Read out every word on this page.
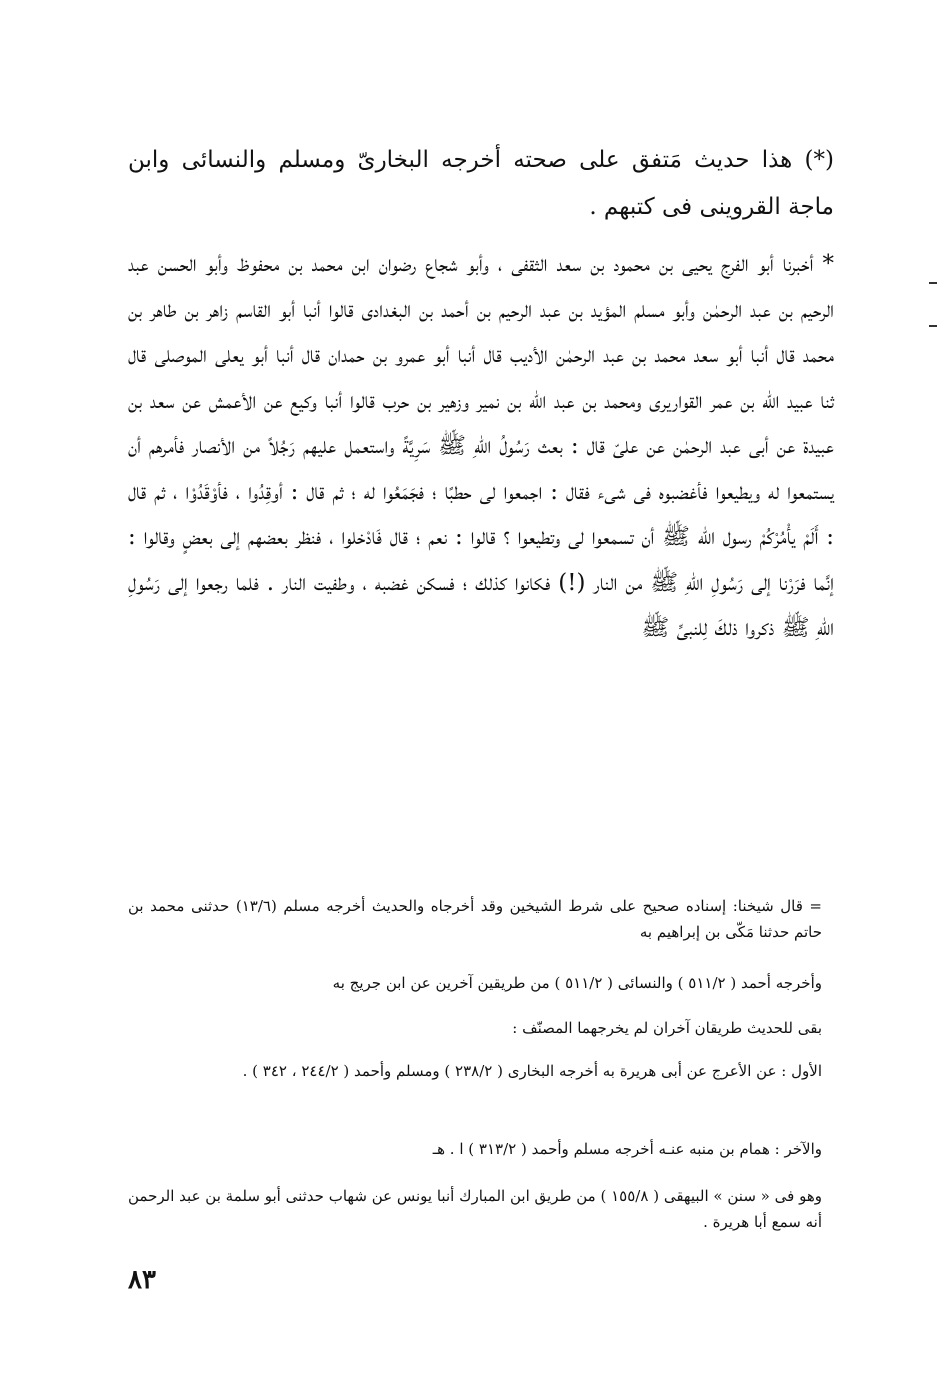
(*) هذا حديث مَتفق على صحته أخرجه البخارىّ ومسلم والنسائى وابن ماجة القروينى فى كتبهم .

* أخبرنا أبو الفرج يحيى بن محمود بن سعد الثقفى ، وأبو شجاع رضوان ابن محمد بن محفوظ وأبو الحسن عبد الرحيم بن عبد الرحمٰن وأبو مسلم المؤيد بن عبد الرحيم بن أحمد بن البغدادى قالوا أنبا أبو القاسم زاهر بن طاهر بن محمد قال أنبا أبو سعد محمد بن عبد الرحمٰن الأديب قال أنبا أبو عمرو بن حمدان قال أنبا أبو يعلى الموصلى قال ثنا عبيد الله بن عمر القواريرى ومحمد بن عبد الله بن نمير وزهير بن حرب قالوا أنبا وكيع عن الأعمش عن سعد بن عبيدة عن أبى عبد الرحمٰن عن علىّ قال : بعث رَسُولُ اللهِ ﷺ سَرِيَّةً واستعمل عليهم رَجُلاً من الأنصار فأمرهم أن يستمعوا له ويطيعوا فأغضبوه فى شىء فقال : اجمعوا لى حطبًا ؛ فجَمَعُوا له ؛ ثم قال : أوقِدُوا ، فأوْقَدُوْا ، ثم قال : أَلَمْ يأْمُرْكُمْ رسول الله ﷺ أن تسمعوا لى وتطيعوا ؟ قالوا : نعم ؛ قال فَادْخلوا ، فنظر بعضهم إلى بعضٍ وقالوا : إنَّما فرَرْنا إلى رَسُولِ اللهِ ﷺ من النار (!) فكانوا كذلك ؛ فسكن غضبه ، وطفيت النار . فلما رجعوا إلى رَسُولِ اللهِ ﷺ ذكروا ذلكَ لِلنبىِّ ﷺ

= قال شيخنا: إسناده صحيح على شرط الشيخين وقد أخرجاه والحديث أخرجه مسلم (١٣/٦) حدثنى محمد بن حاتم حدثنا مَكّى بن إبراهيم به

وأخرجه أحمد ( ٥١١/٢ ) والنسائى ( ٥١١/٢ ) من طريقين آخرين عن ابن جريج به

بقى للحديث طريقان آخران لم يخرجهما المصنّف :

الأول : عن الأعرج عن أبى هريرة به أخرجه البخارى ( ٢٣٨/٢ ) ومسلم وأحمد ( ٢٤٤/٢ ، ٣٤٢ ) .

والآخر : همام بن منبه عنـه أخرجه مسلم وأحمد ( ٣١٣/٢ ) ا . هـ

وهو فى « سنن » البيهقى ( ١٥٥/٨ ) من طريق ابن المبارك أنبا يونس عن شهاب حدثنى أبو سلمة بن عبد الرحمن أنه سمع أبا هريرة .

٨٣
